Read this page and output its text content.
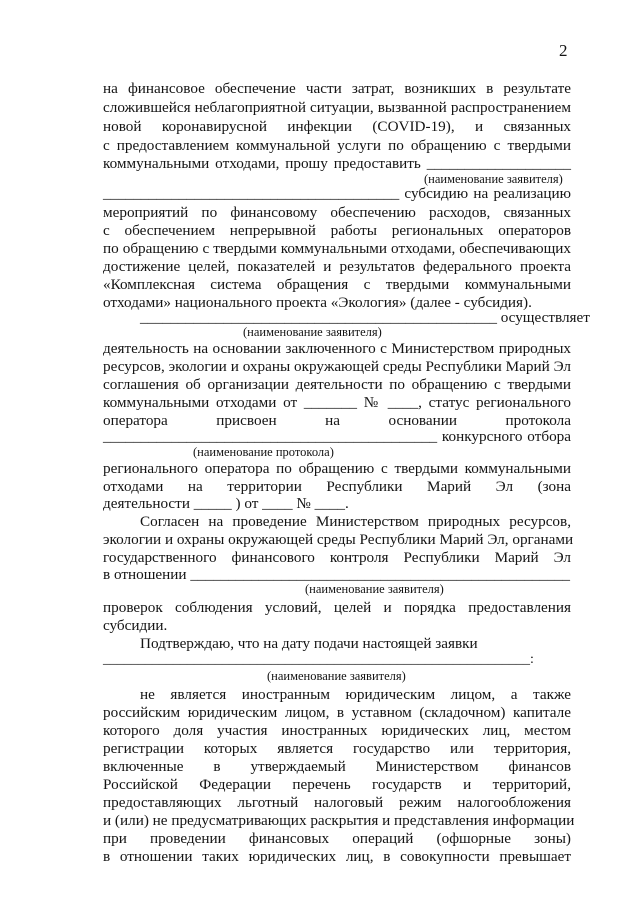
2
на финансовое обеспечение части затрат, возникших в результате
сложившейся неблагоприятной ситуации, вызванной распространением
новой коронавирусной инфекции (COVID-19), и связанных
с предоставлением коммунальной услуги по обращению с твердыми
коммунальными отходами, прошу предоставить ___________________
(наименование заявителя)
_______________________________________ субсидию на реализацию
мероприятий по финансовому обеспечению расходов, связанных
с обеспечением непрерывной работы региональных операторов
по обращению с твердыми коммунальными отходами, обеспечивающих
достижение целей, показателей и результатов федерального проекта
«Комплексная система обращения с твердыми коммунальными
отходами» национального проекта «Экология» (далее - субсидия).
_______________________________________________ осуществляет
(наименование заявителя)
деятельность на основании заключенного с Министерством природных
ресурсов, экологии и охраны окружающей среды Республики Марий Эл
соглашения об организации деятельности по обращению с твердыми
коммунальными отходами от _______ № ____, статус регионального
оператора присвоен на основании протокола
____________________________________________ конкурсного отбора
(наименование протокола)
регионального оператора по обращению с твердыми коммунальными
отходами на территории Республики Марий Эл (зона
деятельности _____ ) от ____ № ____.
Согласен на проведение Министерством природных ресурсов,
экологии и охраны окружающей среды Республики Марий Эл, органами
государственного финансового контроля Республики Марий Эл
в отношении __________________________________________________
(наименование заявителя)
проверок соблюдения условий, целей и порядка предоставления
субсидии.
Подтверждаю, что на дату подачи настоящей заявки
_____________________________________________________________:
(наименование заявителя)
не является иностранным юридическим лицом, а также
российским юридическим лицом, в уставном (складочном) капитале
которого доля участия иностранных юридических лиц, местом
регистрации которых является государство или территория,
включенные в утверждаемый Министерством финансов
Российской Федерации перечень государств и территорий,
предоставляющих льготный налоговый режим налогообложения
и (или) не предусматривающих раскрытия и представления информации
при проведении финансовых операций (офшорные зоны)
в отношении таких юридических лиц, в совокупности превышает
